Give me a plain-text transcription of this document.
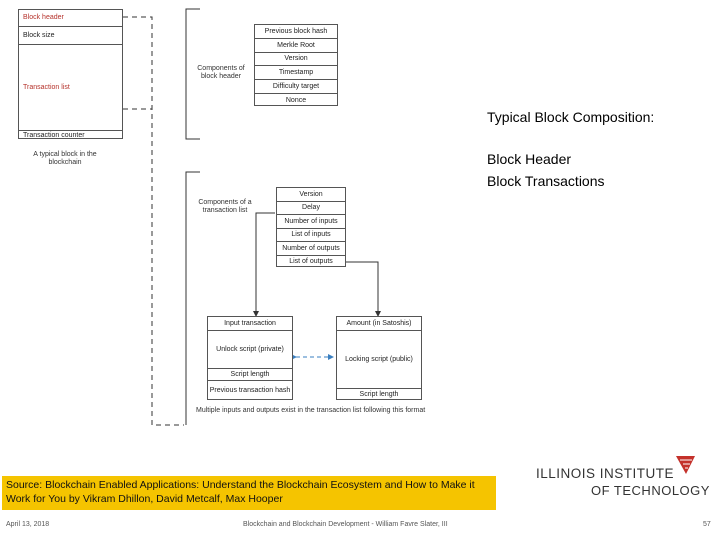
Block header
Block size
Transaction list
Transaction counter
A typical block in the blockchain
Components of block header
Previous block hash
Merkle Root
Version
Timestamp
Difficulty target
Nonce
Components of a transaction list
Version
Delay
Number of inputs
List of inputs
Number of outputs
List of outputs
Input transaction
Unlock script (private)
Script length
Previous transaction hash
Amount (in Satoshis)
Locking script (public)
Script length
Multiple inputs and outputs exist in the transaction list following this format
Typical Block Composition:
Block Header
Block Transactions
Source: Blockchain Enabled Applications: Understand the Blockchain Ecosystem and How to Make it Work for You by Vikram Dhillon, David Metcalf, Max Hooper
ILLINOIS INSTITUTE
OF TECHNOLOGY
April 13, 2018	Blockchain and Blockchain Development - William Favre Slater, III	57
